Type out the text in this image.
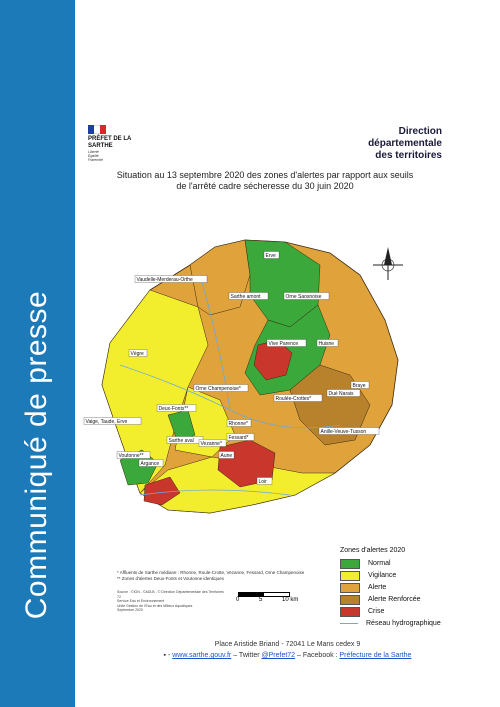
Communiqué de presse
PRÉFET DE LA SARTHE
Liberté
Égalité
Fraternité
Direction
départementale
des territoires
Situation au 13 septembre 2020 des zones d'alertes par rapport aux seuils
de l'arrêté cadre sécheresse du 30 juin 2020
Erve
Vaudelle-Merderau-Orthe
Sarthe amont	Orne Saosnoise
Vive Parence	Huisne
Vègre
Orne Champenoise*
Roulée-Crottes*
Dué Narais
Braye
Vaige, Taude, Erve
Deux-Fonts**
Sarthe aval
Rhonne*
Anille-Veuve-Tusson
Voutonne**
Vezanne*
Fessard*
Argance
Aune
Loir
* Affluents de Sarthe médiane : Rhonne, Roule-Crotte, Vezanne, Fessard, Orne Champenoise
** Zones d'alertes Deux-Fonts et Voutonne identiques
Source : ©IGN - ©ADLB - © Direction Départementale des Territoires 72
Service Eau et Environnement
Unité Gestion de l'Eau et des Milieux Aquatiques
Septembre 2020
0	5	10 km
Zones d'alertes 2020
Normal
Vigilance
Alerte
Alerte Renforcée
Crise
Réseau hydrographique
Place Aristide Briand - 72041 Le Mans cedex 9
▪ - www.sarthe.gouv.fr – Twitter @Prefet72 – Facebook : Préfecture de la Sarthe
